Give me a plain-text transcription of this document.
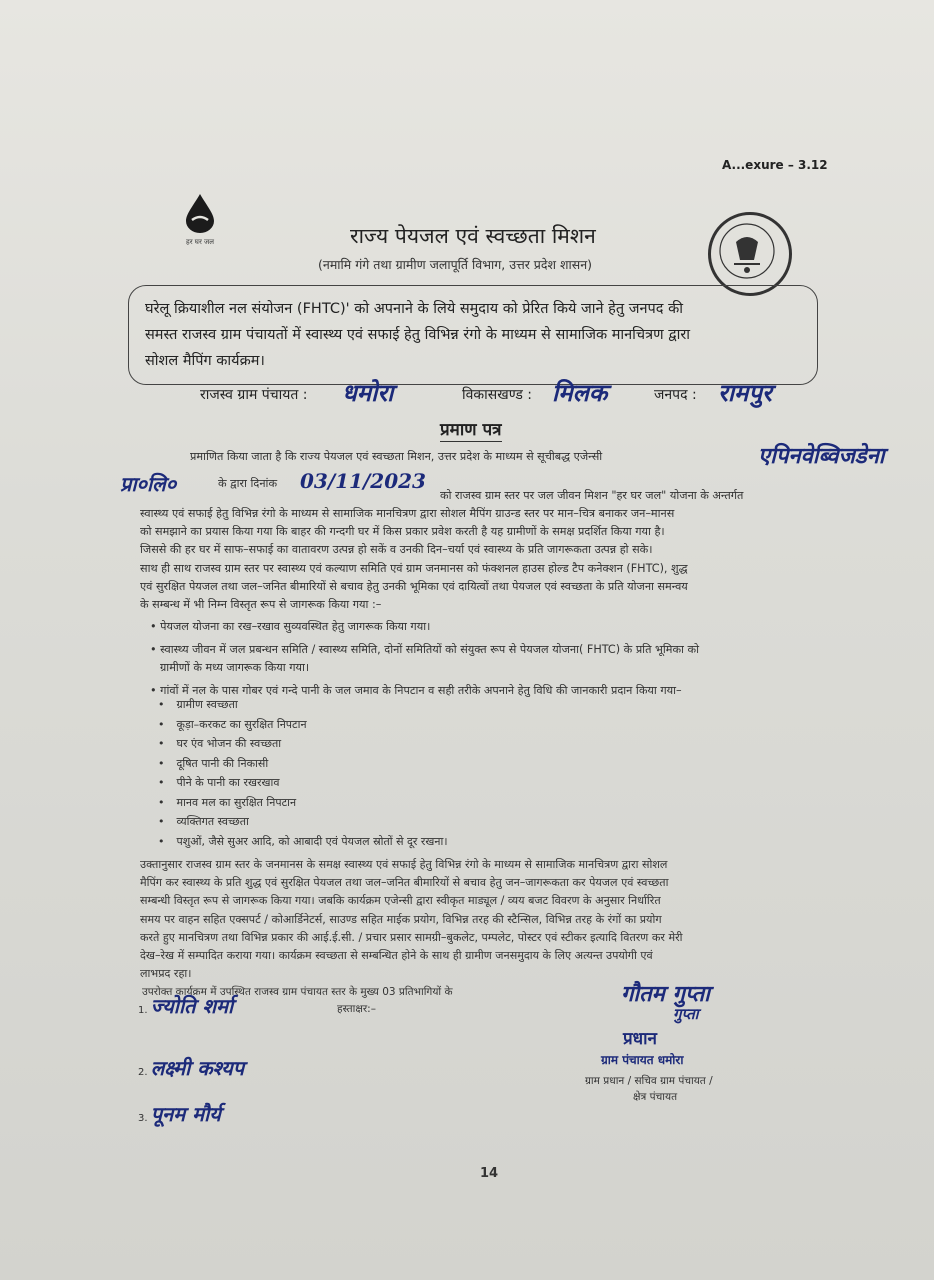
A...exure – 3.12
हर घर जल	राज्य पेयजल एवं स्वच्छता मिशन
(नमामि गंगे तथा ग्रामीण जलापूर्ति विभाग, उत्तर प्रदेश शासन)
घरेलू क्रियाशील नल संयोजन (FHTC)' को अपनाने के लिये समुदाय को प्रेरित किये जाने हेतु जनपद की
समस्त राजस्व ग्राम पंचायतों में स्वास्थ्य एवं सफाई हेतु विभिन्न रंगो के माध्यम से सामाजिक मानचित्रण द्वारा
सोशल मैपिंग कार्यक्रम।
राजस्व ग्राम पंचायत : धमोरा	विकासखण्ड : मिलक	जनपद : रामपुर
प्रमाण पत्र
प्रमाणित किया जाता है कि राज्य पेयजल एवं स्वच्छता मिशन, उत्तर प्रदेश के माध्यम से सूचीबद्ध एजेन्सी	एपिनवेब्विजडेना
प्रा०लि०	के द्वारा दिनांक 03/11/2023
को राजस्व ग्राम स्तर पर जल जीवन मिशन "हर घर जल" योजना के अन्तर्गत
स्वास्थ्य एवं सफाई हेतु विभिन्न रंगो के माध्यम से सामाजिक मानचित्रण द्वारा सोशल मैपिंग ग्राउन्ड स्तर पर मान–चित्र बनाकर जन–मानस
को समझाने का प्रयास किया गया कि बाहर की गन्दगी घर में किस प्रकार प्रवेश करती है यह ग्रामीणों के समक्ष प्रदर्शित किया गया है।
जिससे की हर घर में साफ–सफाई का वातावरण उत्पन्न हो सकें व उनकी दिन–चर्या एवं स्वास्थ्य के प्रति जागरूकता उत्पन्न हो सके।
साथ ही साथ राजस्व ग्राम स्तर पर स्वास्थ्य एवं कल्याण समिति एवं ग्राम जनमानस को फंक्शनल हाउस होल्ड टैप कनेक्शन (FHTC), शुद्ध
एवं सुरक्षित पेयजल तथा जल–जनित बीमारियों से बचाव हेतु उनकी भूमिका एवं दायित्वों तथा पेयजल एवं स्वच्छता के प्रति योजना समन्वय
के सम्बन्ध में भी निम्न विस्तृत रूप से जागरूक किया गया :–
• पेयजल योजना का रख–रखाव सुव्यवस्थित हेतु जागरूक किया गया।
• स्वास्थ्य जीवन में जल प्रबन्धन समिति / स्वास्थ्य समिति, दोनों समितियों को संयुक्त रूप से पेयजल योजना( FHTC) के प्रति भूमिका को
ग्रामीणों के मध्य जागरूक किया गया।
• गांवों में नल के पास गोबर एवं गन्दे पानी के जल जमाव के निपटान व सही तरीके अपनाने हेतु विधि की जानकारी प्रदान किया गया–
• ग्रामीण स्वच्छता
• कूड़ा–करकट का सुरक्षित निपटान
• घर एंव भोजन की स्वच्छता
• दूषित पानी की निकासी
• पीने के पानी का रखरखाव
• मानव मल का सुरक्षित निपटान
• व्यक्तिगत स्वच्छता
• पशुओं, जैसे सुअर आदि, को आबादी एवं पेयजल स्रोतों से दूर रखना।
उक्तानुसार राजस्व ग्राम स्तर के जनमानस के समक्ष स्वास्थ्य एवं सफाई हेतु विभिन्न रंगो के माध्यम से सामाजिक मानचित्रण द्वारा सोशल
मैपिंग कर स्वास्थ्य के प्रति शुद्ध एवं सुरक्षित पेयजल तथा जल–जनित बीमारियों से बचाव हेतु जन–जागरूकता कर पेयजल एवं स्वच्छता
सम्बन्धी विस्तृत रूप से जागरूक किया गया। जबकि कार्यक्रम एजेन्सी द्वारा स्वीकृत माड्यूल / व्यय बजट विवरण के अनुसार निर्धारित
समय पर वाहन सहित एक्सपर्ट / कोआर्डिनेटर्स, साउण्ड सहित माईक प्रयोग, विभिन्न तरह की स्टैन्सिल, विभिन्न तरह के रंगों का प्रयोग
करते हुए मानचित्रण तथा विभिन्न प्रकार की आई.ई.सी. / प्रचार प्रसार सामग्री–बुकलेट, पम्पलेट, पोस्टर एवं स्टीकर इत्यादि वितरण कर मेरी
देख–रेख में सम्पादित कराया गया। कार्यक्रम स्वच्छता से सम्बन्धित होने के साथ ही ग्रामीण जनसमुदाय के लिए अत्यन्त उपयोगी एवं
लाभप्रद रहा।
उपरोक्त कार्यक्रम में उपस्थित राजस्व ग्राम पंचायत स्तर के मुख्य 03 प्रतिभागियों के
हस्ताक्षर:–
1. ज्योति शर्मा
2. लक्ष्मी कश्यप
3. पूनम मौर्य
गौतम गुप्ता
गुप्ता
प्रधान
ग्राम पंचायत धमोरा
ग्राम प्रधान / सचिव ग्राम पंचायत /
क्षेत्र पंचायत
14
